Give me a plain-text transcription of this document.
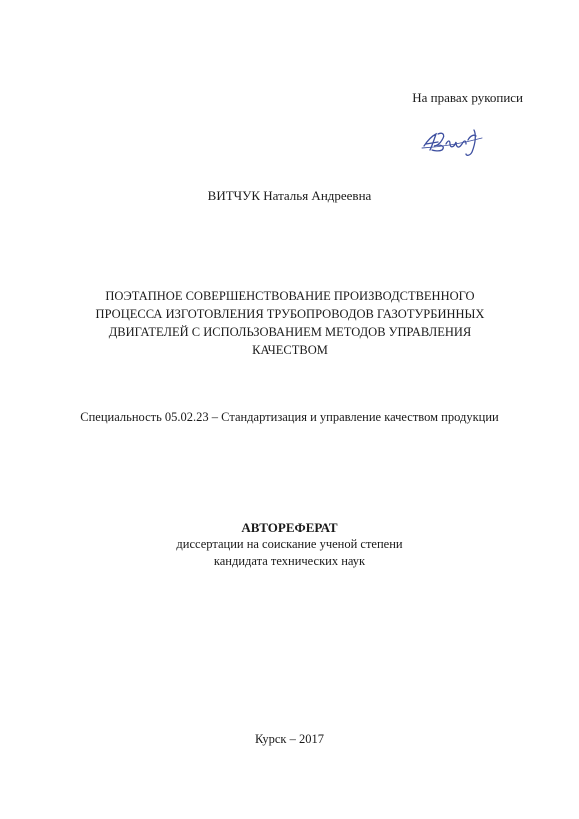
На правах рукописи
ВИТЧУК Наталья Андреевна
ПОЭТАПНОЕ СОВЕРШЕНСТВОВАНИЕ ПРОИЗВОДСТВЕННОГО
ПРОЦЕССА ИЗГОТОВЛЕНИЯ ТРУБОПРОВОДОВ ГАЗОТУРБИННЫХ
ДВИГАТЕЛЕЙ С ИСПОЛЬЗОВАНИЕМ МЕТОДОВ УПРАВЛЕНИЯ
КАЧЕСТВОМ
Специальность 05.02.23 – Стандартизация и управление качеством продукции
АВТОРЕФЕРАТ
диссертации на соискание ученой степени
кандидата технических наук
Курск – 2017
